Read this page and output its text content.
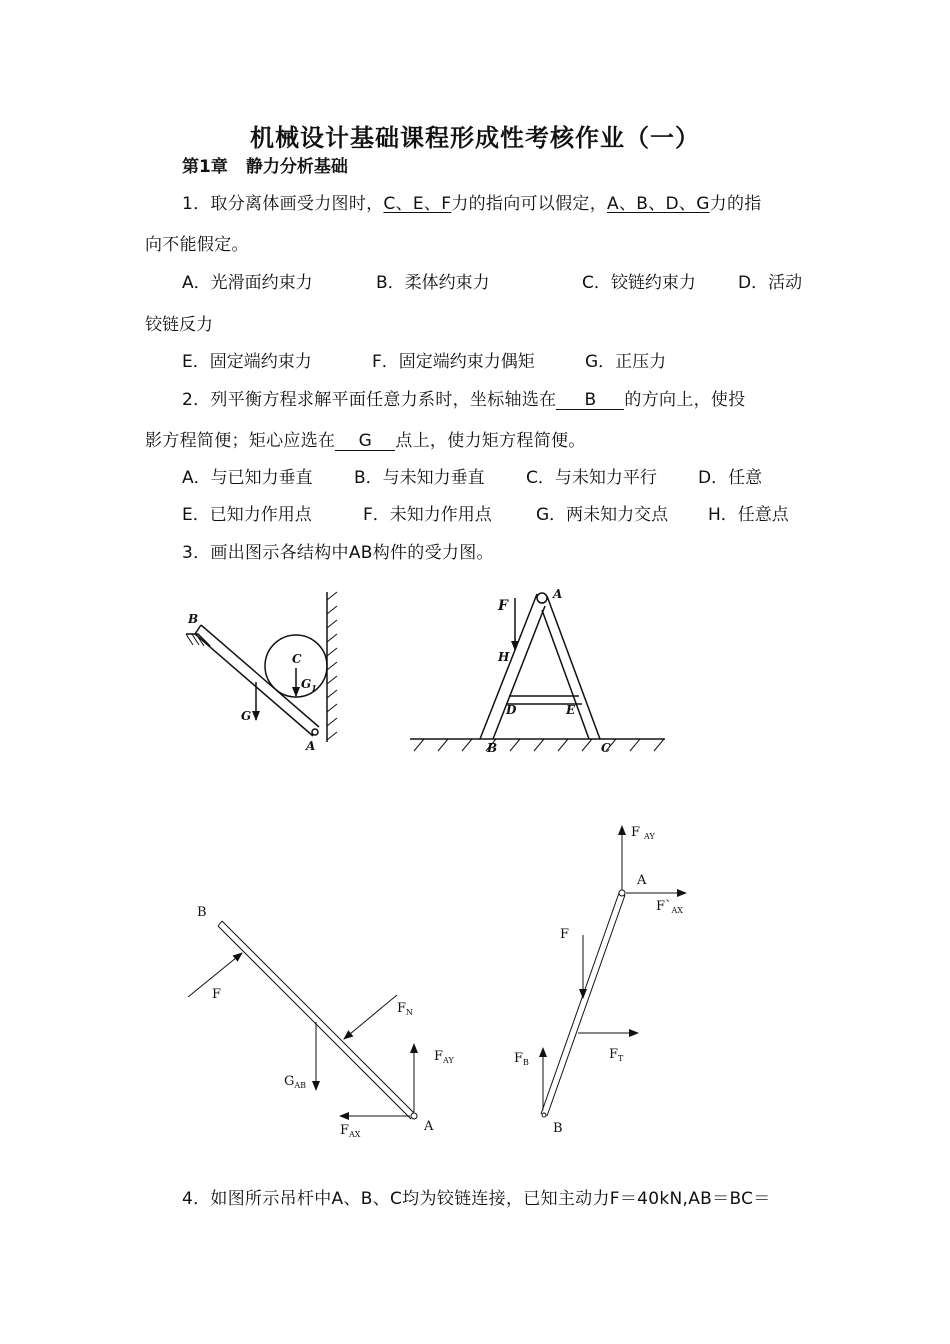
机械设计基础课程形成性考核作业（一）
第1章 静力分析基础
1．取分离体画受力图时，C、E、F力的指向可以假定，A、B、D、G力的指
向不能假定。
A．光滑面约束力	B．柔体约束力	C．铰链约束力 D．活动
铰链反力
E．固定端约束力	F．固定端约束力偶矩	G．正压力
2．列平衡方程求解平面任意力系时，坐标轴选在 B 的方向上，使投
影方程简便；矩心应选在 G 点上，使力矩方程简便。
A．与已知力垂直 B．与未知力垂直 C．与未知力平行 D．任意
E．已知力作用点	F．未知力作用点	G．两未知力交点 H．任意点
3．画出图示各结构中AB构件的受力图。
B
C
$G_1$
G
A
F
A
H
D	E
B	C
B
F
$F_N$
$G_{AB}$
$F_{AY}$
$F_{AX}$
A
F $_{AY}$
A
$F`_{AX}$
F
$F_B$
$F_T$
B
4．如图所示吊杆中A、B、C均为铰链连接，已知主动力F＝40kN,AB＝BC＝
